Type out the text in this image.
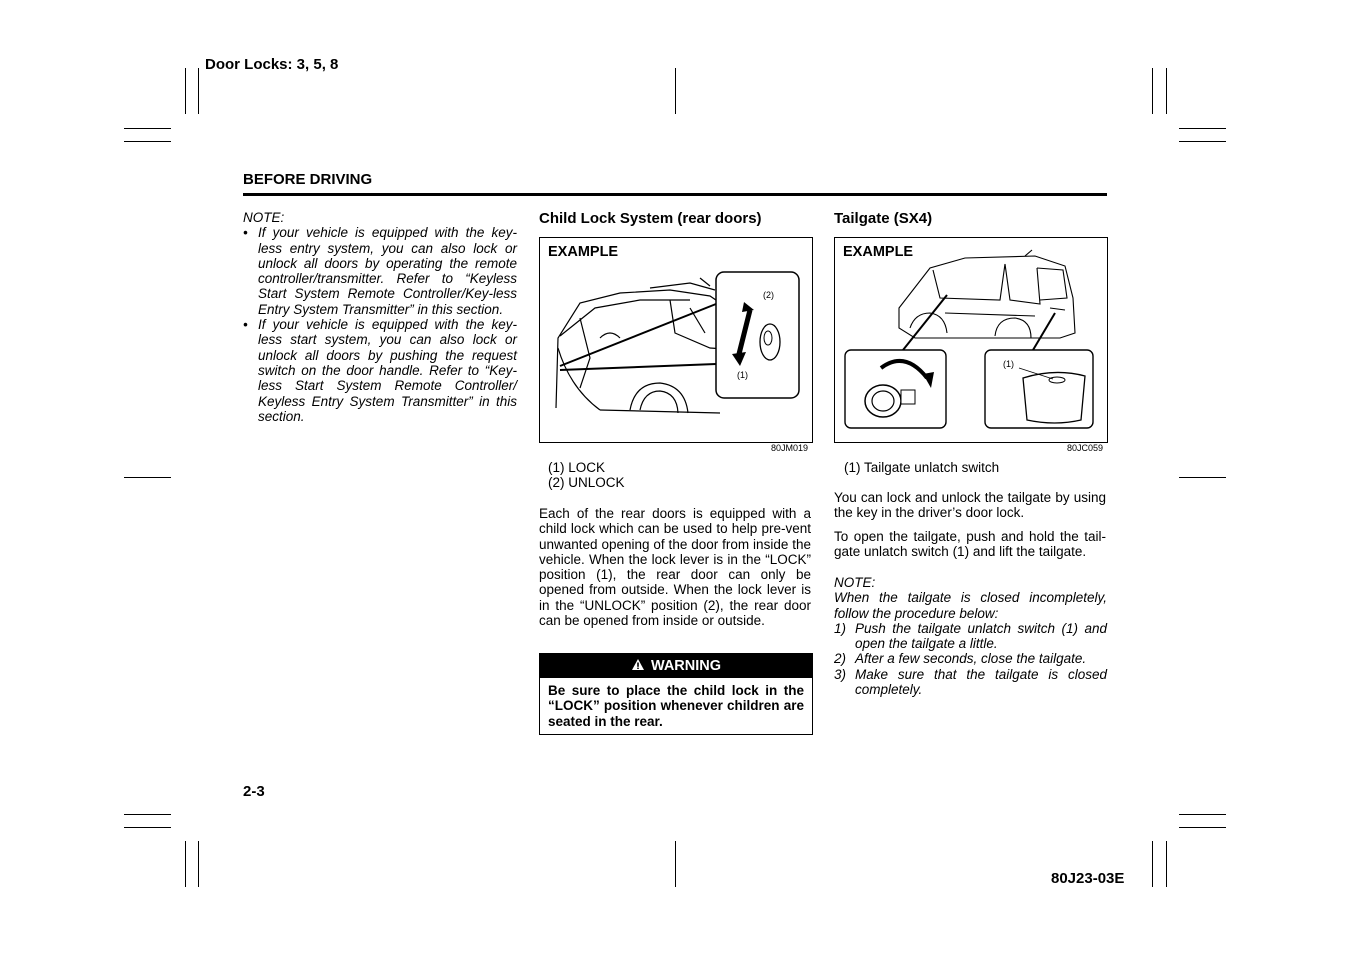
Door Locks: 3, 5, 8
BEFORE DRIVING
NOTE:
• If your vehicle is equipped with the key-less entry system, you can also lock or unlock all doors by operating the remote controller/transmitter. Refer to “Keyless Start System Remote Controller/Key-less Entry System Transmitter” in this section.
• If your vehicle is equipped with the key-less start system, you can also lock or unlock all doors by pushing the request switch on the door handle. Refer to “Key-less Start System Remote Controller/ Keyless Entry System Transmitter” in this section.
Child Lock System (rear doors)
EXAMPLE
(2)
(1)
80JM019
(1) LOCK
(2) UNLOCK
Each of the rear doors is equipped with a child lock which can be used to help pre-vent unwanted opening of the door from inside the vehicle. When the lock lever is in the “LOCK” position (1), the rear door can only be opened from outside. When the lock lever is in the “UNLOCK” position (2), the rear door can be opened from inside or outside.
WARNING
Be sure to place the child lock in the “LOCK” position whenever children are seated in the rear.
Tailgate (SX4)
EXAMPLE
(1)
80JC059
(1) Tailgate unlatch switch
You can lock and unlock the tailgate by using the key in the driver’s door lock.
To open the tailgate, push and hold the tail-gate unlatch switch (1) and lift the tailgate.
NOTE:
When the tailgate is closed incompletely, follow the procedure below:
1) Push the tailgate unlatch switch (1) and open the tailgate a little.
2) After a few seconds, close the tailgate.
3) Make sure that the tailgate is closed completely.
2-3
80J23-03E
